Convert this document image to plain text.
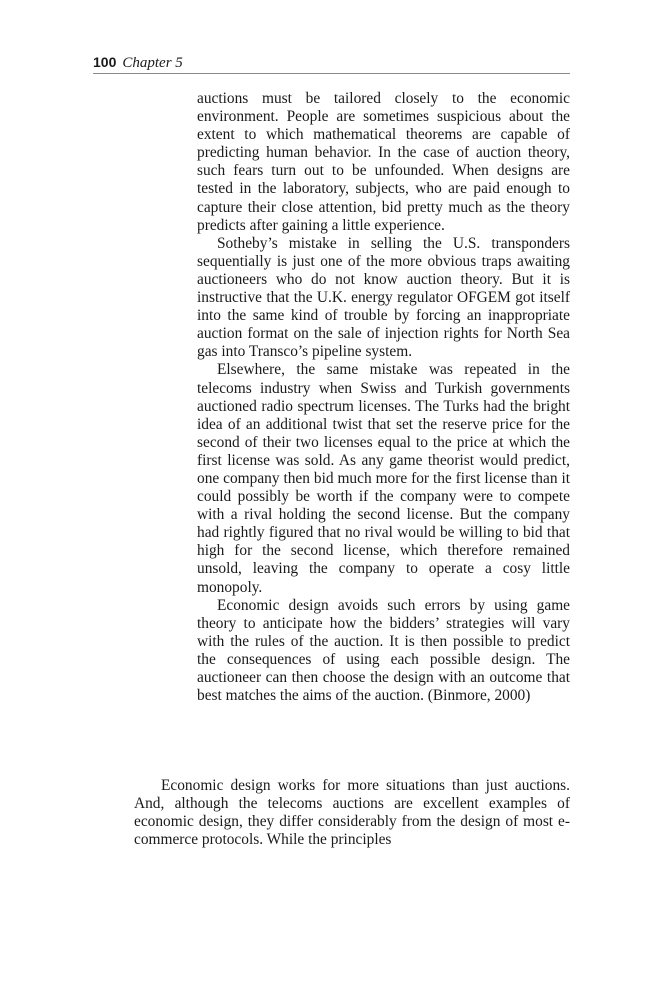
100 Chapter 5

auctions must be tailored closely to the economic environment. People are sometimes suspicious about the extent to which mathematical theorems are capable of predicting human behavior. In the case of auction theory, such fears turn out to be unfounded. When designs are tested in the laboratory, subjects, who are paid enough to capture their close attention, bid pretty much as the theory predicts after gaining a little experience.

Sotheby’s mistake in selling the U.S. transponders sequentially is just one of the more obvious traps awaiting auctioneers who do not know auction theory. But it is instructive that the U.K. energy regulator OFGEM got itself into the same kind of trouble by forcing an inappropriate auction format on the sale of injection rights for North Sea gas into Transco’s pipeline system.

Elsewhere, the same mistake was repeated in the telecoms industry when Swiss and Turkish governments auctioned radio spectrum licenses. The Turks had the bright idea of an additional twist that set the reserve price for the second of their two licenses equal to the price at which the first license was sold. As any game theorist would predict, one company then bid much more for the first license than it could possibly be worth if the company were to compete with a rival holding the second license. But the company had rightly figured that no rival would be willing to bid that high for the second license, which therefore remained unsold, leaving the company to operate a cosy little monopoly.

Economic design avoids such errors by using game theory to anticipate how the bidders’ strategies will vary with the rules of the auction. It is then possible to predict the consequences of using each possible design. The auctioneer can then choose the design with an outcome that best matches the aims of the auction. (Binmore, 2000)

Economic design works for more situations than just auctions. And, although the telecoms auctions are excellent examples of economic design, they differ considerably from the design of most e-commerce protocols. While the principles
